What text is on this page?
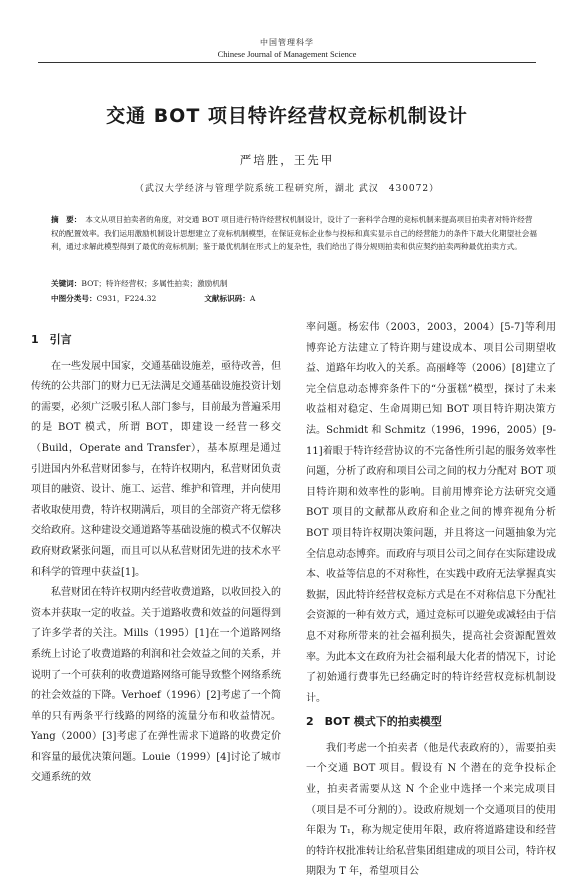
中国管理科学
Chinese Journal of Management Science
交通 BOT 项目特许经营权竞标机制设计
严培胜，王先甲
（武汉大学经济与管理学院系统工程研究所，湖北 武汉　430072）
摘　要： 本文从项目拍卖者的角度，对交通 BOT 项目进行特许经营权机制设计，设计了一套科学合理的竞标机制来提高项目拍卖者对特许经营权的配置效率。我们运用激励机制设计思想建立了竞标机制模型，在保证竞标企业参与投标和真实显示自己的经营能力的条件下最大化期望社会福利，通过求解此模型得到了最优的竞标机制；鉴于最优机制在形式上的复杂性，我们给出了得分规则拍卖和供应契约拍卖两种最优拍卖方式。
关键词：BOT；特许经营权；多属性拍卖；激励机制
中图分类号：C931，F224.32	文献标识码：A
1　引言

在一些发展中国家，交通基础设施差，亟待改善，但传统的公共部门的财力已无法满足交通基础设施投资计划的需要，必须广泛吸引私人部门参与，目前最为普遍采用的是 BOT 模式，所谓 BOT，即建设一经营一移交（Build，Operate and Transfer），基本原理是通过引进国内外私营财团参与，在特许权期内，私营财团负责项目的融资、设计、施工、运营、维护和管理，并向使用者收取使用费，特许权期满后，项目的全部资产将无偿移交给政府。这种建设交通道路等基础设施的模式不仅解决政府财政紧张问题，而且可以从私营财团先进的技术水平和科学的管理中获益[1]。

私营财团在特许权期内经营收费道路，以收回投入的资本并获取一定的收益。关于道路收费和效益的问题得到了许多学者的关注。Mills（1995）[1]在一个道路网络系统上讨论了收费道路的利润和社会效益之间的关系，并说明了一个可获利的收费道路网络可能导致整个网络系统的社会效益的下降。Verhoef（1996）[2]考虑了一个简单的只有两条平行线路的网络的流量分布和收益情况。Yang（2000）[3]考虑了在弹性需求下道路的收费定价和容量的最优决策问题。Louie（1999）[4]讨论了城市交通系统的效

率问题。杨宏伟（2003，2003，2004）[5-7]等利用博弈论方法建立了特许期与建设成本、项目公司期望收益、道路年均收入的关系。高丽峰等（2006）[8]建立了完全信息动态博弈条件下的“分蛋糕”模型，探讨了未来收益相对稳定、生命周期已知 BOT 项目特许期决策方法。Schmidt 和 Schmitz（1996，1996，2005）[9-11]着眼于特许经营协议的不完备性所引起的服务效率性问题，分析了政府和项目公司之间的权力分配对 BOT 项目特许期和效率性的影响。目前用博弈论方法研究交通 BOT 项目的文献都从政府和企业之间的博弈视角分析 BOT 项目特许权期决策问题，并且将这一问题抽象为完全信息动态博弈。而政府与项目公司之间存在实际建设成本、收益等信息的不对称性，在实践中政府无法掌握真实数据，因此特许经营权竞标方式是在不对称信息下分配社会资源的一种有效方式，通过竞标可以避免或减轻由于信息不对称所带来的社会福利损失，提高社会资源配置效率。为此本文在政府为社会福利最大化者的情况下，讨论了初始通行费事先已经确定时的特许经营权竞标机制设计。

2　BOT 模式下的拍卖模型

我们考虑一个拍卖者（他是代表政府的），需要拍卖一个交通 BOT 项目。假设有 N 个潜在的竞争投标企业，拍卖者需要从这 N 个企业中选择一个来完成项目（项目是不可分割的）。设政府规划一个交通项目的使用年限为 T₁，称为规定使用年限，政府将道路建设和经营的特许权批准转让给私营集团组建成的项目公司，特许权期限为 T 年，希望项目公
